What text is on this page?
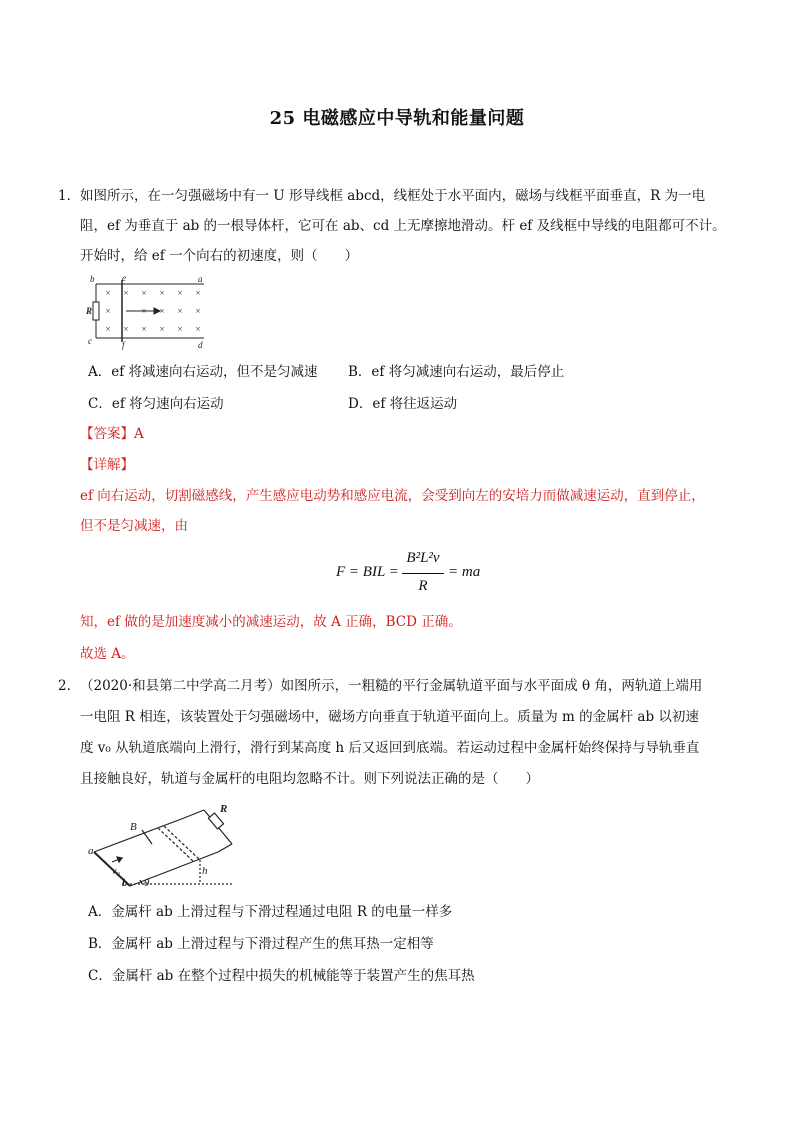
25 电磁感应中导轨和能量问题
1． 如图所示，在一匀强磁场中有一 U 形导线框 abcd，线框处于水平面内，磁场与线框平面垂直，R 为一电
阻，ef 为垂直于 ab 的一根导体杆，它可在 ab、cd 上无摩擦地滑动。杆 ef 及线框中导线的电阻都可不计。
开始时，给 ef 一个向右的初速度，则（　　）
b	e	a
R
c	f	d
×
×
×
×
×
×
×
×
×
×
×
×
×
×
×
×
×
A．ef 将减速向右运动，但不是匀减速 B．ef 将匀减速向右运动，最后停止
C．ef 将匀速向右运动	D．ef 将往返运动
【答案】A
【详解】
ef 向右运动，切割磁感线，产生感应电动势和感应电流，会受到向左的安培力而做减速运动，直到停止，
但不是匀减速，由
F = BIL =
B²L²v
R
= ma
知，ef 做的是加速度减小的减速运动，故 A 正确，BCD 正确。
故选 A。
2． （2020·和县第二中学高二月考）如图所示，一粗糙的平行金属轨道平面与水平面成 θ 角，两轨道上端用
一电阻 R 相连，该装置处于匀强磁场中，磁场方向垂直于轨道平面向上。质量为 m 的金属杆 ab 以初速
度 v₀ 从轨道底端向上滑行，滑行到某高度 h 后又返回到底端。若运动过程中金属杆始终保持与导轨垂直
且接触良好，轨道与金属杆的电阻均忽略不计。则下列说法正确的是（　　）
R
B
a
v₀
b θ
h
A．金属杆 ab 上滑过程与下滑过程通过电阻 R 的电量一样多
B．金属杆 ab 上滑过程与下滑过程产生的焦耳热一定相等
C．金属杆 ab 在整个过程中损失的机械能等于装置产生的焦耳热
